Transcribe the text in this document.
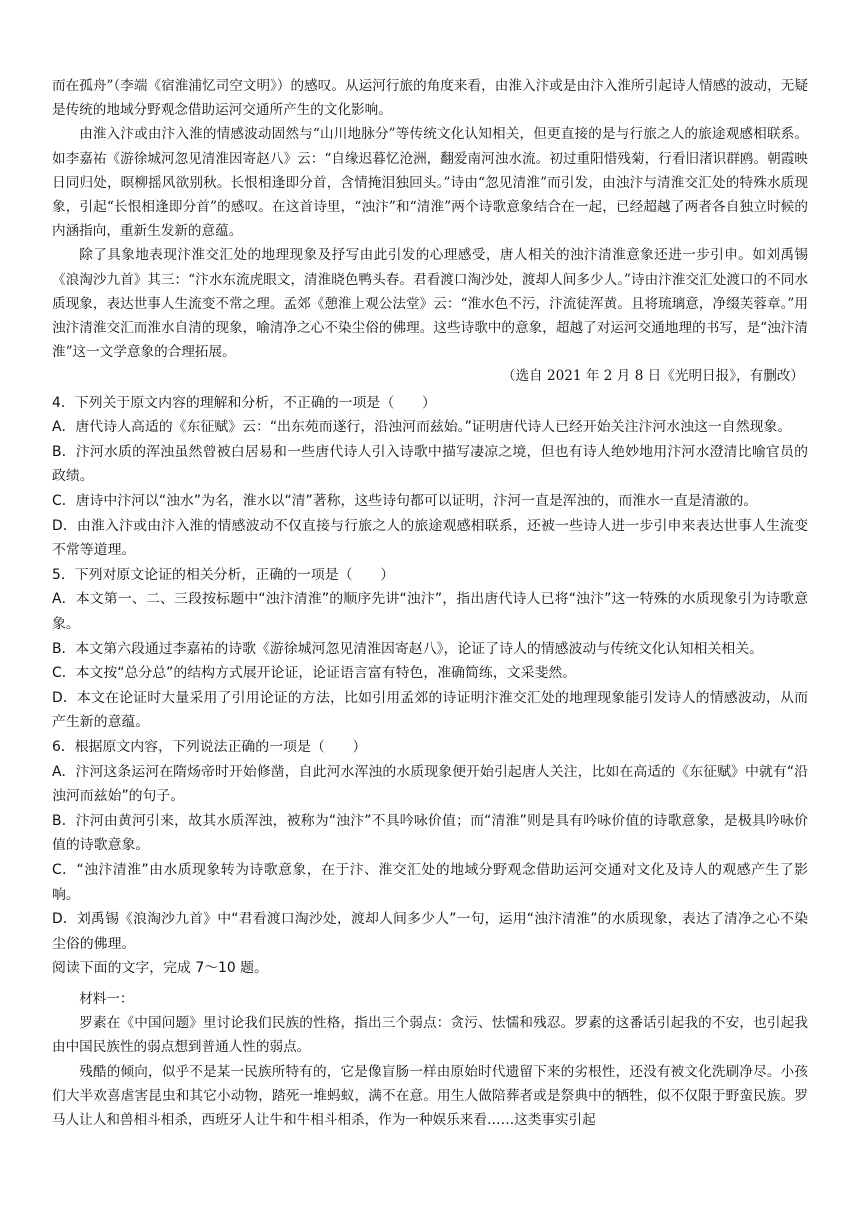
而在孤舟”（李端《宿淮浦忆司空文明》）的感叹。从运河行旅的角度来看，由淮入汴或是由汴入淮所引起诗人情感的波动，无疑是传统的地域分野观念借助运河交通所产生的文化影响。

由淮入汴或由汴入淮的情感波动固然与“山川地脉分”等传统文化认知相关，但更直接的是与行旅之人的旅途观感相联系。如李嘉祐《游徐城河忽见清淮因寄赵八》云：“自缘迟暮忆沧洲，翻爱南河浊水流。初过重阳惜残菊，行看旧渚识群鸥。朝霞映日同归处，暝柳摇风欲别秋。长恨相逢即分首，含情掩泪独回头。”诗由“忽见清淮”而引发，由浊汴与清淮交汇处的特殊水质现象，引起“长恨相逢即分首”的感叹。在这首诗里，“浊汴”和“清淮”两个诗歌意象结合在一起，已经超越了两者各自独立时候的内涵指向，重新生发新的意蕴。

除了具象地表现汴淮交汇处的地理现象及抒写由此引发的心理感受，唐人相关的浊汴清淮意象还进一步引申。如刘禹锡《浪淘沙九首》其三：“汴水东流虎眼文，清淮晓色鸭头春。君看渡口淘沙处，渡却人间多少人。”诗由汴淮交汇处渡口的不同水质现象，表达世事人生流变不常之理。孟郊《憩淮上观公法堂》云：“淮水色不污，汴流徒浑黄。且将琉璃意，净缀芙蓉章。”用浊汴清淮交汇而淮水自清的现象，喻清净之心不染尘俗的佛理。这些诗歌中的意象，超越了对运河交通地理的书写，是“浊汴清淮”这一文学意象的合理拓展。

（选自 2021 年 2 月 8 日《光明日报》，有删改）

4．下列关于原文内容的理解和分析，不正确的一项是（　　）

A．唐代诗人高适的《东征赋》云：“出东苑而遂行，沿浊河而兹始。”证明唐代诗人已经开始关注汴河水浊这一自然现象。

B．汴河水质的浑浊虽然曾被白居易和一些唐代诗人引入诗歌中描写凄凉之境，但也有诗人绝妙地用汴河水澄清比喻官员的政绩。

C．唐诗中汴河以“浊水”为名，淮水以“清”著称，这些诗句都可以证明，汴河一直是浑浊的，而淮水一直是清澈的。

D．由淮入汴或由汴入淮的情感波动不仅直接与行旅之人的旅途观感相联系，还被一些诗人进一步引申来表达世事人生流变不常等道理。

5．下列对原文论证的相关分析，正确的一项是（　　）

A．本文第一、二、三段按标题中“浊汴清淮”的顺序先讲“浊汴”，指出唐代诗人已将“浊汴”这一特殊的水质现象引为诗歌意象。

B．本文第六段通过李嘉祐的诗歌《游徐城河忽见清淮因寄赵八》，论证了诗人的情感波动与传统文化认知相关相关。

C．本文按“总分总”的结构方式展开论证，论证语言富有特色，准确简练，文采斐然。

D．本文在论证时大量采用了引用论证的方法，比如引用孟郊的诗证明汴淮交汇处的地理现象能引发诗人的情感波动，从而产生新的意蕴。

6．根据原文内容，下列说法正确的一项是（　　）

A．汴河这条运河在隋炀帝时开始修凿，自此河水浑浊的水质现象便开始引起唐人关注，比如在高适的《东征赋》中就有“沿浊河而兹始”的句子。

B．汴河由黄河引来，故其水质浑浊，被称为“浊汴”不具吟咏价值；而“清淮”则是具有吟咏价值的诗歌意象，是极具吟咏价值的诗歌意象。

C．“浊汴清淮”由水质现象转为诗歌意象，在于汴、淮交汇处的地域分野观念借助运河交通对文化及诗人的观感产生了影响。

D．刘禹锡《浪淘沙九首》中“君看渡口淘沙处，渡却人间多少人”一句，运用“浊汴清淮”的水质现象，表达了清净之心不染尘俗的佛理。

阅读下面的文字，完成 7～10 题。

材料一：

罗素在《中国问题》里讨论我们民族的性格，指出三个弱点：贪污、怯懦和残忍。罗素的这番话引起我的不安，也引起我由中国民族性的弱点想到普通人性的弱点。

残酷的倾向，似乎不是某一民族所特有的，它是像盲肠一样由原始时代遗留下来的劣根性，还没有被文化洗刷净尽。小孩们大半欢喜虐害昆虫和其它小动物，踏死一堆蚂蚁，满不在意。用生人做陪葬者或是祭典中的牺牲，似不仅限于野蛮民族。罗马人让人和兽相斗相杀，西班牙人让牛和牛相斗相杀，作为一种娱乐来看……这类事实引起
